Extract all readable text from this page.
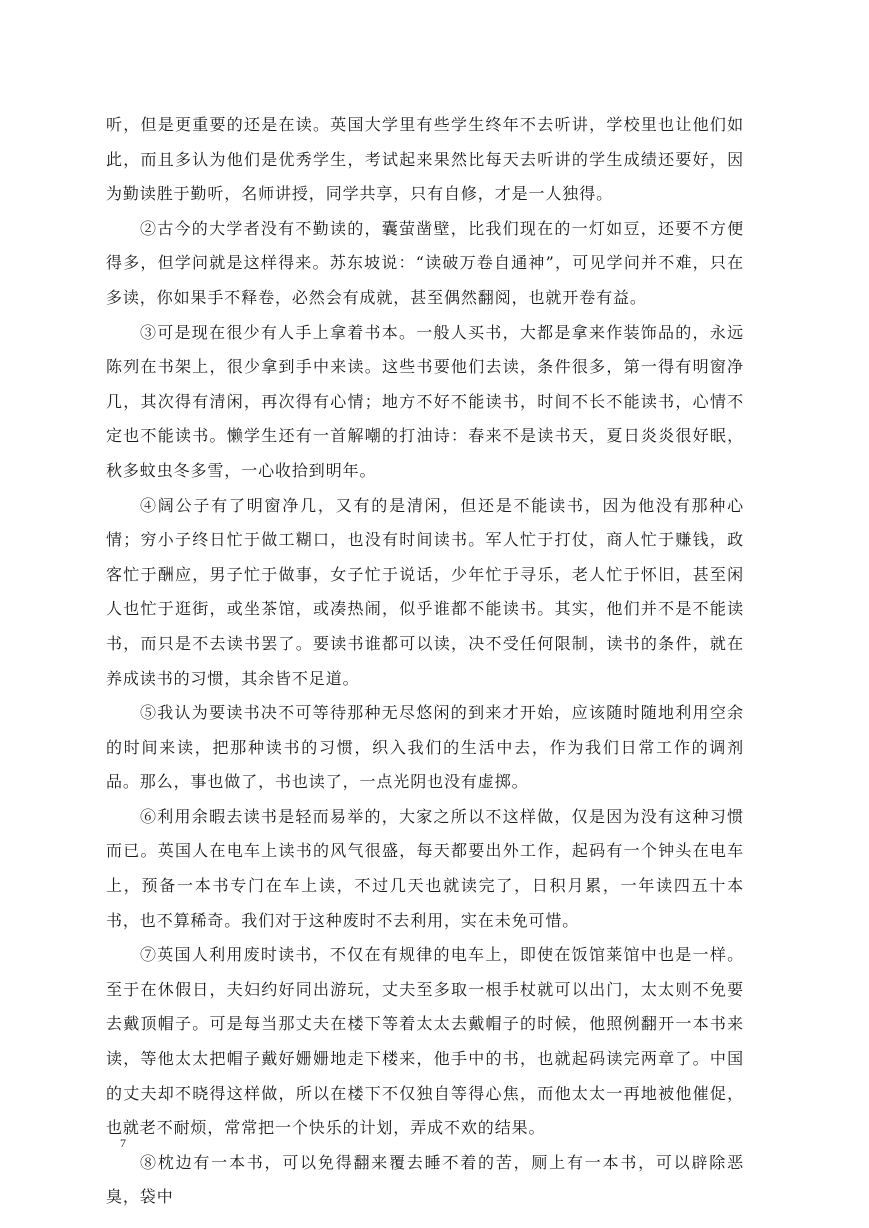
听，但是更重要的还是在读。英国大学里有些学生终年不去听讲，学校里也让他们如此，而且多认为他们是优秀学生，考试起来果然比每天去听讲的学生成绩还要好，因为勤读胜于勤听，名师讲授，同学共享，只有自修，才是一人独得。

②古今的大学者没有不勤读的，囊萤凿壁，比我们现在的一灯如豆，还要不方便得多，但学问就是这样得来。苏东坡说：“读破万卷自通神”，可见学问并不难，只在多读，你如果手不释卷，必然会有成就，甚至偶然翻阅，也就开卷有益。

③可是现在很少有人手上拿着书本。一般人买书，大都是拿来作装饰品的，永远陈列在书架上，很少拿到手中来读。这些书要他们去读，条件很多，第一得有明窗净几，其次得有清闲，再次得有心情；地方不好不能读书，时间不长不能读书，心情不定也不能读书。懒学生还有一首解嘲的打油诗：春来不是读书天，夏日炎炎很好眠，秋多蚊虫冬多雪，一心收拾到明年。

④阔公子有了明窗净几，又有的是清闲，但还是不能读书，因为他没有那种心情；穷小子终日忙于做工糊口，也没有时间读书。军人忙于打仗，商人忙于赚钱，政客忙于酬应，男子忙于做事，女子忙于说话，少年忙于寻乐，老人忙于怀旧，甚至闲人也忙于逛街，或坐茶馆，或凑热闹，似乎谁都不能读书。其实，他们并不是不能读书，而只是不去读书罢了。要读书谁都可以读，决不受任何限制，读书的条件，就在养成读书的习惯，其余皆不足道。

⑤我认为要读书决不可等待那种无尽悠闲的到来才开始，应该随时随地利用空余的时间来读，把那种读书的习惯，织入我们的生活中去，作为我们日常工作的调剂品。那么，事也做了，书也读了，一点光阴也没有虚掷。

⑥利用余暇去读书是轻而易举的，大家之所以不这样做，仅是因为没有这种习惯而已。英国人在电车上读书的风气很盛，每天都要出外工作，起码有一个钟头在电车上，预备一本书专门在车上读，不过几天也就读完了，日积月累，一年读四五十本书，也不算稀奇。我们对于这种废时不去利用，实在未免可惜。

⑦英国人利用废时读书，不仅在有规律的电车上，即使在饭馆莱馆中也是一样。至于在休假日，夫妇约好同出游玩，丈夫至多取一根手杖就可以出门，太太则不免要去戴顶帽子。可是每当那丈夫在楼下等着太太去戴帽子的时候，他照例翻开一本书来读，等他太太把帽子戴好姗姗地走下楼来，他手中的书，也就起码读完两章了。中国的丈夫却不晓得这样做，所以在楼下不仅独自等得心焦，而他太太一再地被他催促，也就老不耐烦，常常把一个快乐的计划，弄成不欢的结果。

⑧枕边有一本书，可以免得翻来覆去睡不着的苦，厕上有一本书，可以辟除恶臭，袋中

7
